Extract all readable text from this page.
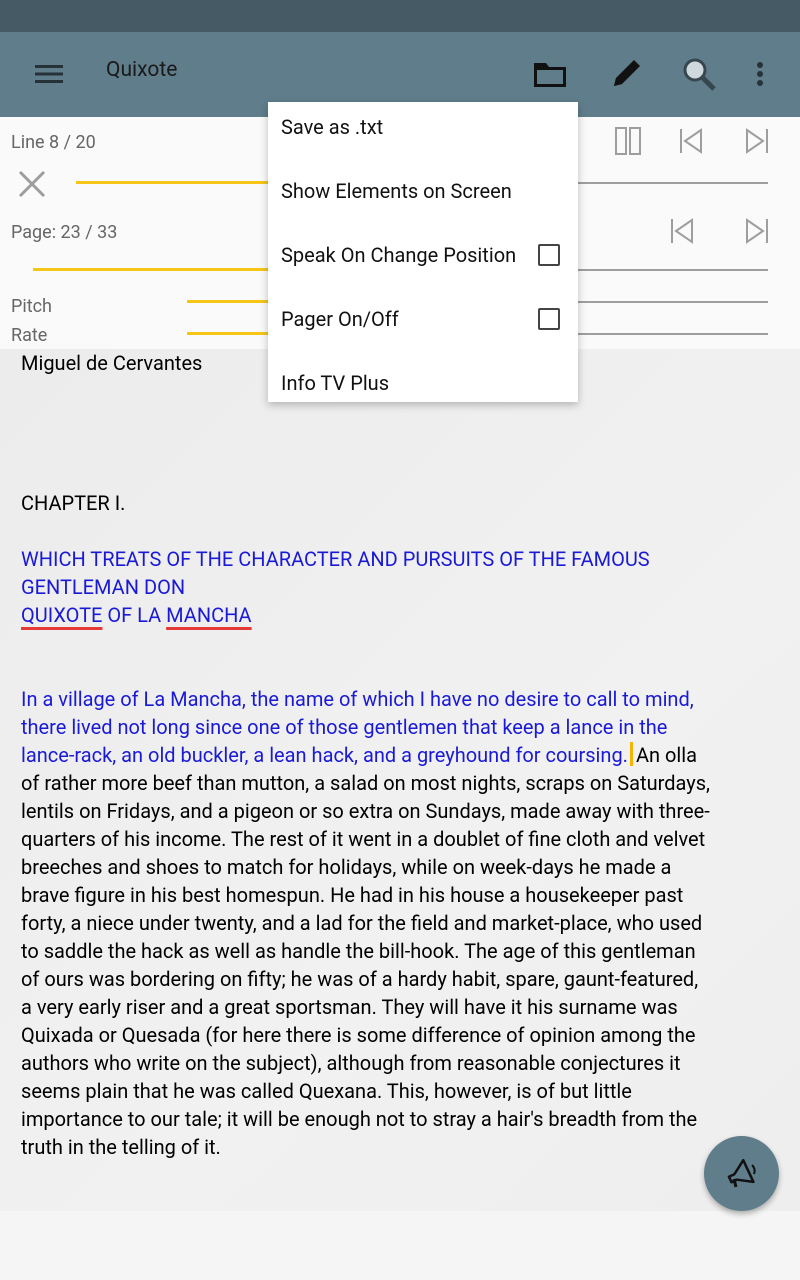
Quixote
Line 8 / 20
Page: 23 / 33
Pitch
Rate

Miguel de Cervantes

CHAPTER I.

WHICH TREATS OF THE CHARACTER AND PURSUITS OF THE FAMOUS
GENTLEMAN DON
QUIXOTE OF LA MANCHA

In a village of La Mancha, the name of which I have no desire to call to mind, there lived not long since one of those gentlemen that keep a lance in the lance-rack, an old buckler, a lean hack, and a greyhound for coursing. An olla of rather more beef than mutton, a salad on most nights, scraps on Saturdays, lentils on Fridays, and a pigeon or so extra on Sundays, made away with three-quarters of his income. The rest of it went in a doublet of fine cloth and velvet breeches and shoes to match for holidays, while on week-days he made a brave figure in his best homespun. He had in his house a housekeeper past forty, a niece under twenty, and a lad for the field and market-place, who used to saddle the hack as well as handle the bill-hook. The age of this gentleman of ours was bordering on fifty; he was of a hardy habit, spare, gaunt-featured, a very early riser and a great sportsman. They will have it his surname was Quixada or Quesada (for here there is some difference of opinion among the authors who write on the subject), although from reasonable conjectures it seems plain that he was called Quexana. This, however, is of but little importance to our tale; it will be enough not to stray a hair's breadth from the truth in the telling of it.

Save as .txt
Show Elements on Screen
Speak On Change Position
Pager On/Off
Info TV Plus
